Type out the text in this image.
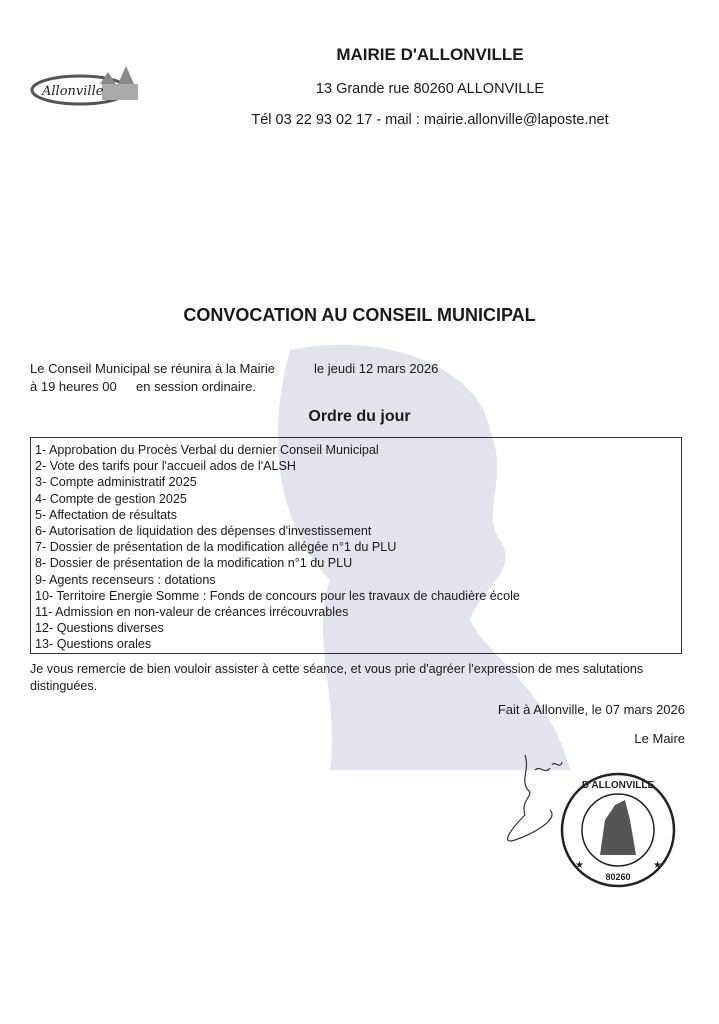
Allonville
MAIRIE D'ALLONVILLE
13 Grande rue 80260 ALLONVILLE
Tél 03 22 93 02 17 - mail : mairie.allonville@laposte.net
CONVOCATION AU CONSEIL MUNICIPAL
Le Conseil Municipal se réunira à la Mairie	le jeudi 12 mars 2026
à 19 heures 00 en session ordinaire.
Ordre du jour
1- Approbation du Procès Verbal du dernier Conseil Municipal
2- Vote des tarifs pour l'accueil ados de l'ALSH
3- Compte administratif 2025
4- Compte de gestion 2025
5- Affectation de résultats
6- Autorisation de liquidation des dépenses d'investissement
7- Dossier de présentation de la modification allégée n°1 du PLU
8- Dossier de présentation de la modification n°1 du PLU
9- Agents recenseurs : dotations
10- Territoire Energie Somme : Fonds de concours pour les travaux de chaudière école
11- Admission en non-valeur de créances irrécouvrables
12- Questions diverses
13- Questions orales
Je vous remercie de bien vouloir assister à cette séance, et vous prie d'agréer l'expression de mes salutations distinguées.
Fait à Allonville, le 07 mars 2026
Le Maire
D'ALLONVILLE
80260
★	★
